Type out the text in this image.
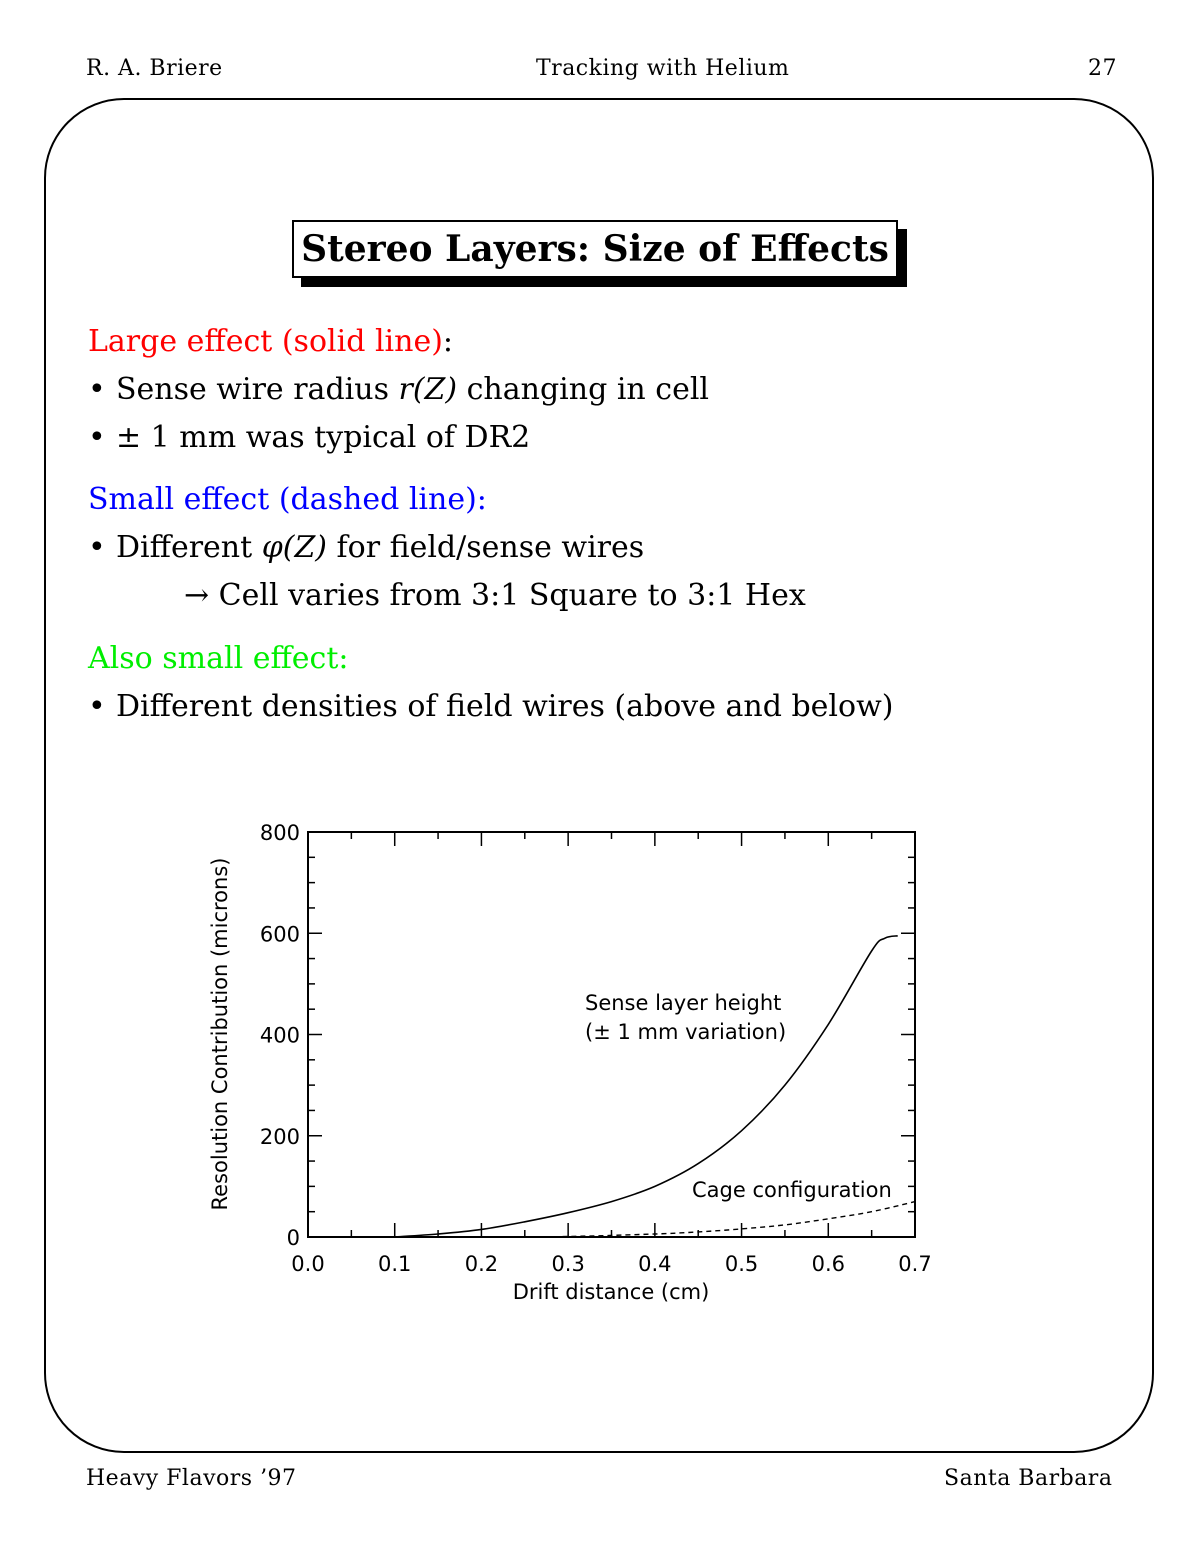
R. A. Briere	Tracking with Helium	27
Stereo Layers: Size of Effects
Large effect (solid line):
• Sense wire radius r(Z) changing in cell
• ± 1 mm was typical of DR2
Small effect (dashed line):
• Different φ(Z) for field/sense wires
→ Cell varies from 3:1 Square to 3:1 Hex
Also small effect:
• Different densities of field wires (above and below)
0.0	0.1	0.2	0.3	0.4	0.5	0.6	0.7
0
200
400
600
800
Sense layer height
(± 1 mm variation)
Cage configuration
Drift distance (cm)
Resolution Contribution (microns)
Heavy Flavors ’97	Santa Barbara
